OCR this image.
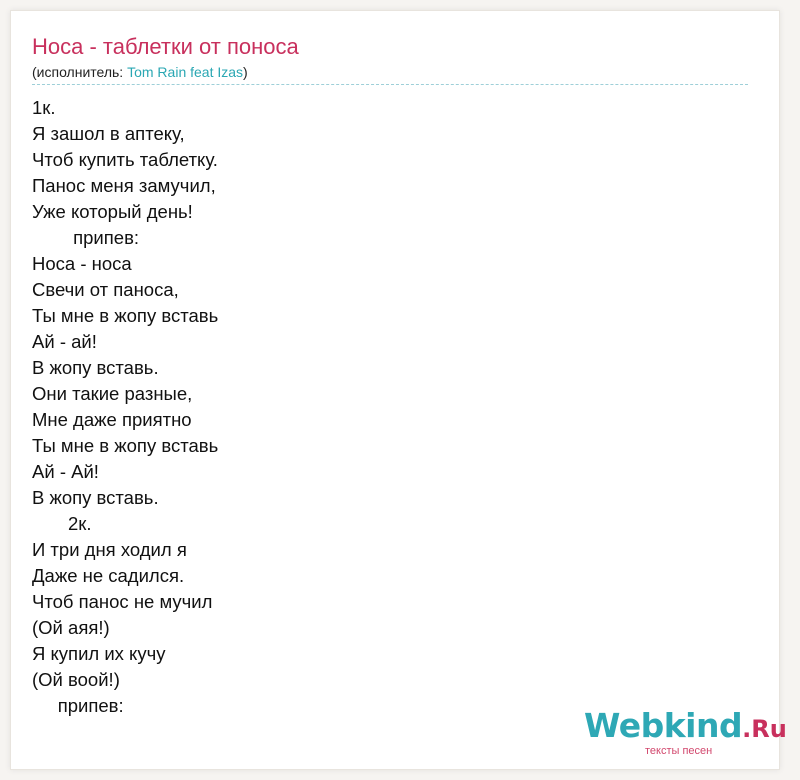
Носа - таблетки от поноса
(исполнитель: Tom Rain feat Izas)
1к.
Я зашол в аптеку,
Чтоб купить таблетку.
Панос меня замучил,
Уже который день!
припев:
Носа - носа
Свечи от паноса,
Ты мне в жопу вставь
Ай - ай!
В жопу вставь.
Они такие разные,
Мне даже приятно
Ты мне в жопу вставь
Ай - Ай!
В жопу вставь.
2к.
И три дня ходил я
Даже не садился.
Чтоб панос не мучил
(Ой аяя!)
Я купил их кучу
(Ой воой!)
припев:
Webkind.Ru
тексты песен
